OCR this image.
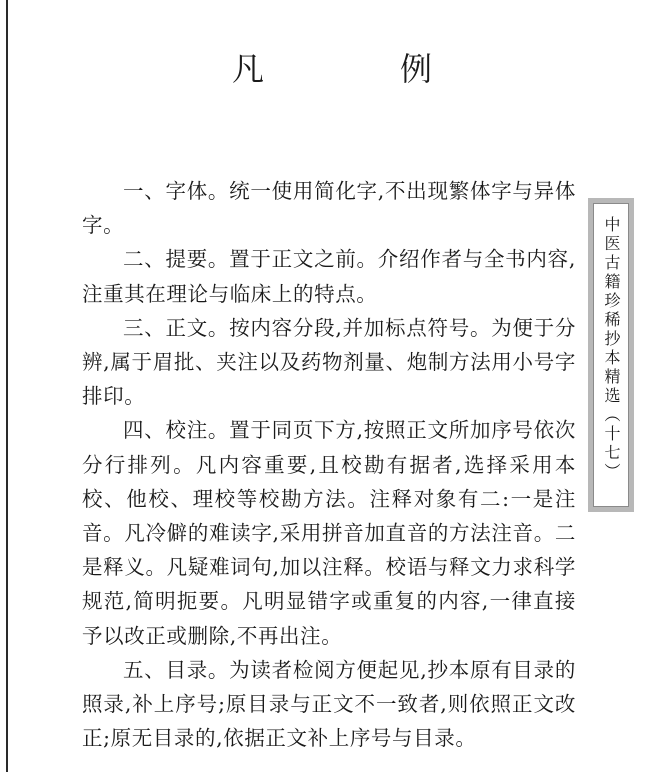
凡　例

一、字体。统一使用简化字,不出现繁体字与异体字。

二、提要。置于正文之前。介绍作者与全书内容,注重其在理论与临床上的特点。

三、正文。按内容分段,并加标点符号。为便于分辨,属于眉批、夹注以及药物剂量、炮制方法用小号字排印。

四、校注。置于同页下方,按照正文所加序号依次分行排列。凡内容重要,且校勘有据者,选择采用本校、他校、理校等校勘方法。注释对象有二:一是注音。凡冷僻的难读字,采用拼音加直音的方法注音。二是释义。凡疑难词句,加以注释。校语与释文力求科学规范,简明扼要。凡明显错字或重复的内容,一律直接予以改正或删除,不再出注。

五、目录。为读者检阅方便起见,抄本原有目录的照录,补上序号;原目录与正文不一致者,则依照正文改正;原无目录的,依据正文补上序号与目录。

中医古籍珍稀抄本精选︵十七︶
